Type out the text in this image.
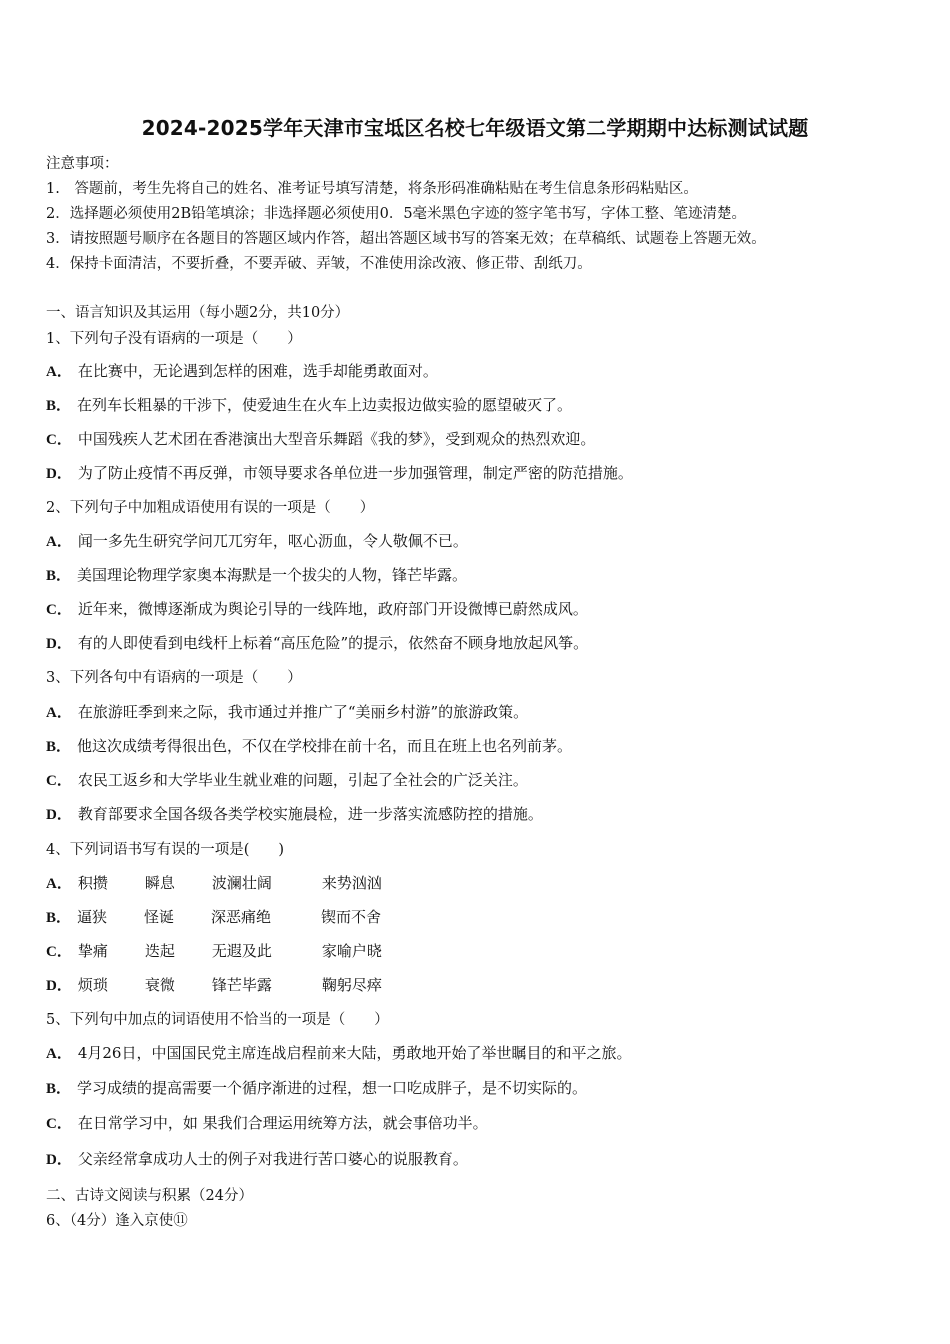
2024-2025学年天津市宝坻区名校七年级语文第二学期期中达标测试试题
注意事项：
1.　答题前，考生先将自己的姓名、准考证号填写清楚，将条形码准确粘贴在考生信息条形码粘贴区。
2．选择题必须使用2B铅笔填涂；非选择题必须使用0．5毫米黑色字迹的签字笔书写，字体工整、笔迹清楚。
3．请按照题号顺序在各题目的答题区域内作答，超出答题区域书写的答案无效；在草稿纸、试题卷上答题无效。
4．保持卡面清洁，不要折叠，不要弄破、弄皱，不准使用涂改液、修正带、刮纸刀。
一、语言知识及其运用（每小题2分，共10分）
1、下列句子没有语病的一项是（　　）
A． 在比赛中，无论遇到怎样的困难，选手却能勇敢面对。
B． 在列车长粗暴的干涉下，使爱迪生在火车上边卖报边做实验的愿望破灭了。
C． 中国残疾人艺术团在香港演出大型音乐舞蹈《我的梦》，受到观众的热烈欢迎。
D． 为了防止疫情不再反弹，市领导要求各单位进一步加强管理，制定严密的防范措施。
2、下列句子中加粗成语使用有误的一项是（　　）
A． 闻一多先生研究学问兀兀穷年，呕心沥血，令人敬佩不已。
B． 美国理论物理学家奥本海默是一个拔尖的人物，锋芒毕露。
C． 近年来，微博逐渐成为舆论引导的一线阵地，政府部门开设微博已蔚然成风。
D． 有的人即使看到电线杆上标着“高压危险”的提示，依然奋不顾身地放起风筝。
3、下列各句中有语病的一项是（　　）
A． 在旅游旺季到来之际，我市通过并推广了“美丽乡村游”的旅游政策。
B． 他这次成绩考得很出色，不仅在学校排在前十名，而且在班上也名列前茅。
C． 农民工返乡和大学毕业生就业难的问题，引起了全社会的广泛关注。
D． 教育部要求全国各级各类学校实施晨检，进一步落实流感防控的措施。
4、下列词语书写有误的一项是(　　)
A． 积攒 瞬息 波澜壮阔	来势汹汹
B． 逼狭 怪诞 深恶痛绝	锲而不舍
C． 挚痛 迭起 无遐及此	家喻户晓
D． 烦琐 衰微 锋芒毕露	鞠躬尽瘁
5、下列句中加点的词语使用不恰当的一项是（　　）
A． 4月26日，中国国民党主席连战启程前来大陆，勇敢地开始了举世瞩目的和平之旅。
B． 学习成绩的提高需要一个循序渐进的过程，想一口吃成胖子，是不切实际的。
C． 在日常学习中，如 果我们合理运用统筹方法，就会事倍功半。
D． 父亲经常拿成功人士的例子对我进行苦口婆心的说服教育。
二、古诗文阅读与积累（24分）
6、（4分）逢入京使⑪
